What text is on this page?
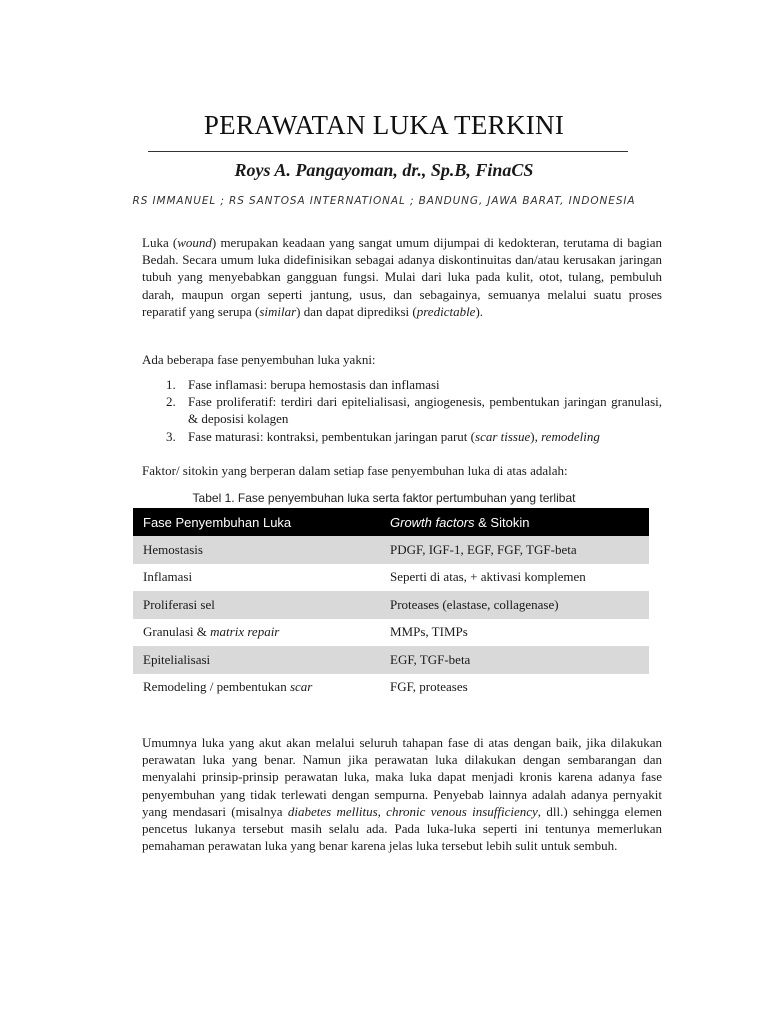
PERAWATAN LUKA TERKINI
Roys A. Pangayoman, dr., Sp.B, FinaCS
RS IMMANUEL ; RS SANTOSA INTERNATIONAL ; BANDUNG, JAWA BARAT, INDONESIA
Luka (wound) merupakan keadaan yang sangat umum dijumpai di kedokteran, terutama di bagian Bedah. Secara umum luka didefinisikan sebagai adanya diskontinuitas dan/atau kerusakan jaringan tubuh yang menyebabkan gangguan fungsi. Mulai dari luka pada kulit, otot, tulang, pembuluh darah, maupun organ seperti jantung, usus, dan sebagainya, semuanya melalui suatu proses reparatif yang serupa (similar) dan dapat diprediksi (predictable).
Ada beberapa fase penyembuhan luka yakni:
1. Fase inflamasi: berupa hemostasis dan inflamasi
2. Fase proliferatif: terdiri dari epitelialisasi, angiogenesis, pembentukan jaringan granulasi, & deposisi kolagen
3. Fase maturasi: kontraksi, pembentukan jaringan parut (scar tissue), remodeling
Faktor/ sitokin yang berperan dalam setiap fase penyembuhan luka di atas adalah:
Tabel 1. Fase penyembuhan luka serta faktor pertumbuhan yang terlibat
Fase Penyembuhan Luka	Growth factors & Sitokin
Hemostasis	PDGF, IGF-1, EGF, FGF, TGF-beta
Inflamasi	Seperti di atas, + aktivasi komplemen
Proliferasi sel	Proteases (elastase, collagenase)
Granulasi & matrix repair	MMPs, TIMPs
Epitelialisasi	EGF, TGF-beta
Remodeling / pembentukan scar	FGF, proteases
Umumnya luka yang akut akan melalui seluruh tahapan fase di atas dengan baik, jika dilakukan perawatan luka yang benar. Namun jika perawatan luka dilakukan dengan sembarangan dan menyalahi prinsip-prinsip perawatan luka, maka luka dapat menjadi kronis karena adanya fase penyembuhan yang tidak terlewati dengan sempurna. Penyebab lainnya adalah adanya pernyakit yang mendasari (misalnya diabetes mellitus, chronic venous insufficiency, dll.) sehingga elemen pencetus lukanya tersebut masih selalu ada. Pada luka-luka seperti ini tentunya memerlukan pemahaman perawatan luka yang benar karena jelas luka tersebut lebih sulit untuk sembuh.
